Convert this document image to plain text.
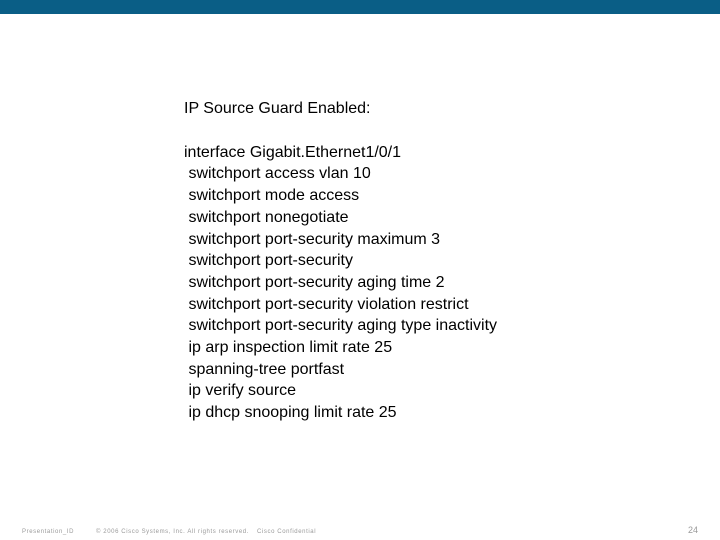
IP Source Guard Enabled:
interface Gigabit.Ethernet1/0/1
switchport access vlan 10
switchport mode access
switchport nonegotiate
switchport port-security maximum 3
switchport port-security
switchport port-security aging time 2
switchport port-security violation restrict
switchport port-security aging type inactivity
ip arp inspection limit rate 25
spanning-tree portfast
ip verify source
ip dhcp snooping limit rate 25
Presentation_ID	© 2006 Cisco Systems, Inc. All rights reserved. Cisco Confidential	24
